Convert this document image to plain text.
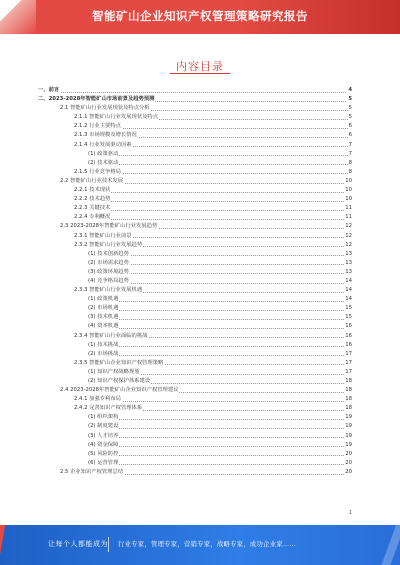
智能矿山企业知识产权管理策略研究报告
内容目录
一、前言	4
二、2023-2028年智能矿山市场前景及趋势预测	5
2.1 智能矿山行业发展现状及特点分析	5
2.1.1 智能矿山行业发展现状及特点	5
2.1.2 行业主要特点	6
2.1.3 市场规模及增长情况	6
2.1.4 行业发展驱动因素	7
(1) 政策驱动	7
(2) 技术驱动	8
2.1.5 行业竞争格局	8
2.2 智能矿山行业技术发展	10
2.2.1 技术现状	10
2.2.2 技术趋势	10
2.2.3 关键技术	11
2.2.4 专利概况	11
2.3 2023-2028年智能矿山行业发展趋势	12
2.3.1 智能矿山行业前景	12
2.3.2 智能矿山行业发展趋势	12
(1) 技术创新趋势	13
(2) 市场需求趋势	13
(3) 政策环境趋势	13
(4) 竞争格局趋势	14
2.3.3 智能矿山行业发展机遇	14
(1) 政策机遇	14
(2) 市场机遇	15
(3) 技术机遇	15
(4) 资本机遇	16
2.3.4 智能矿山行业面临的挑战	16
(1) 技术挑战	16
(2) 市场挑战	17
2.3.5 智能矿山企业知识产权管理策略	17
(1) 知识产权战略规划	17
(2) 知识产权保护体系建设	18
2.4 2023-2028年智能矿山企业知识产权管理建议	18
2.4.1 加强专利布局	18
2.4.2 完善知识产权管理体系	18
(1) 组织架构	19
(2) 制度建设	19
(3) 人才培养	19
(4) 资金保障	19
(5) 风险防控	20
(6) 运营管理	20
2.5 企业知识产权管理总结	20
1
让每个人都能成为 行业专家，管理专家，营销专家，战略专家，成功企业家……
